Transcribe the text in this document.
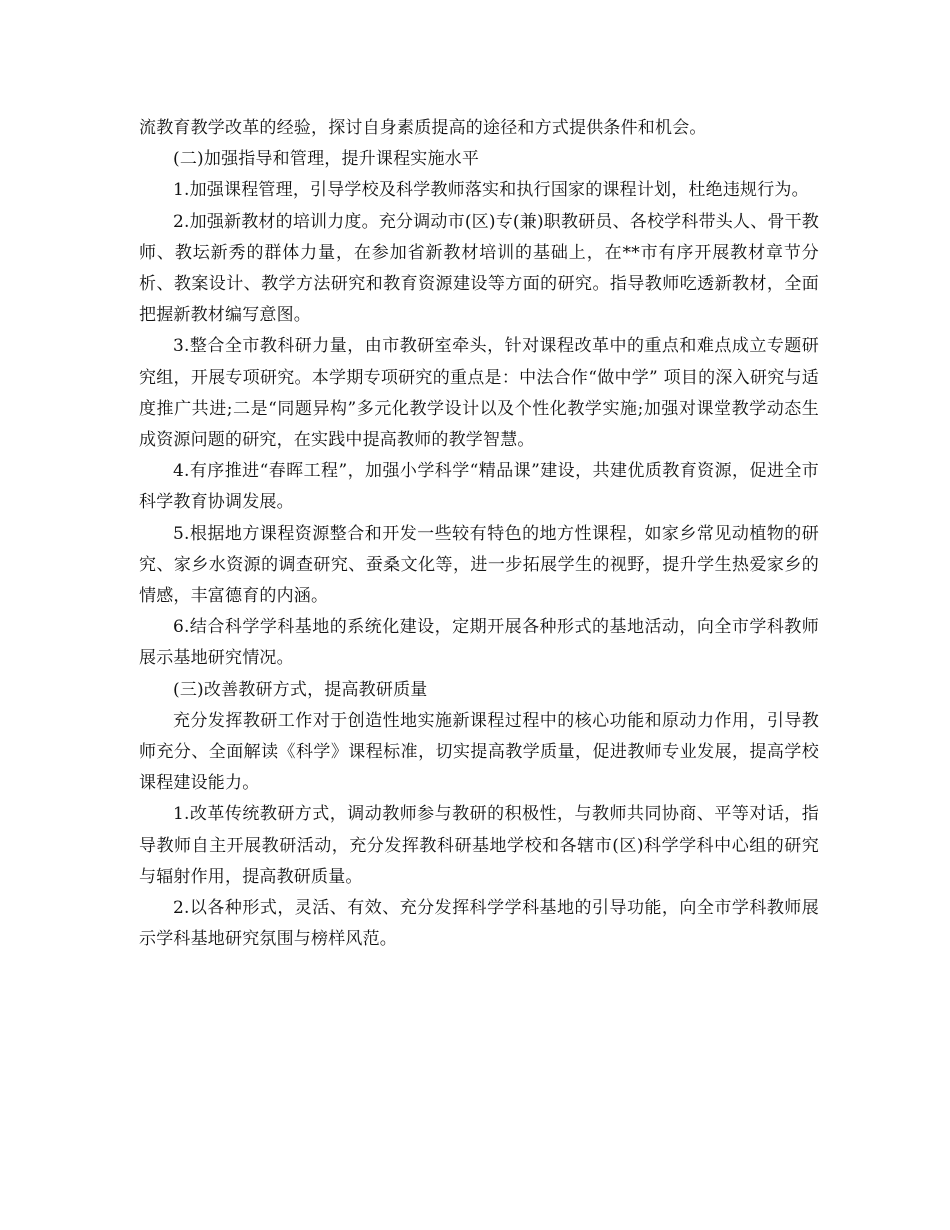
流教育教学改革的经验，探讨自身素质提高的途径和方式提供条件和机会。

(二)加强指导和管理，提升课程实施水平

1.加强课程管理，引导学校及科学教师落实和执行国家的课程计划，杜绝违规行为。

2.加强新教材的培训力度。充分调动市(区)专(兼)职教研员、各校学科带头人、骨干教师、教坛新秀的群体力量，在参加省新教材培训的基础上，在**市有序开展教材章节分析、教案设计、教学方法研究和教育资源建设等方面的研究。指导教师吃透新教材，全面把握新教材编写意图。

3.整合全市教科研力量，由市教研室牵头，针对课程改革中的重点和难点成立专题研究组，开展专项研究。本学期专项研究的重点是：中法合作“做中学” 项目的深入研究与适度推广共进;二是“同题异构”多元化教学设计以及个性化教学实施;加强对课堂教学动态生成资源问题的研究，在实践中提高教师的教学智慧。

4.有序推进“春晖工程”，加强小学科学“精品课”建设，共建优质教育资源，促进全市科学教育协调发展。

5.根据地方课程资源整合和开发一些较有特色的地方性课程，如家乡常见动植物的研究、家乡水资源的调查研究、蚕桑文化等，进一步拓展学生的视野，提升学生热爱家乡的情感，丰富德育的内涵。

6.结合科学学科基地的系统化建设，定期开展各种形式的基地活动，向全市学科教师展示基地研究情况。

(三)改善教研方式，提高教研质量

充分发挥教研工作对于创造性地实施新课程过程中的核心功能和原动力作用，引导教师充分、全面解读《科学》课程标准，切实提高教学质量，促进教师专业发展，提高学校课程建设能力。

1.改革传统教研方式，调动教师参与教研的积极性，与教师共同协商、平等对话，指导教师自主开展教研活动，充分发挥教科研基地学校和各辖市(区)科学学科中心组的研究与辐射作用，提高教研质量。

2.以各种形式，灵活、有效、充分发挥科学学科基地的引导功能，向全市学科教师展示学科基地研究氛围与榜样风范。
